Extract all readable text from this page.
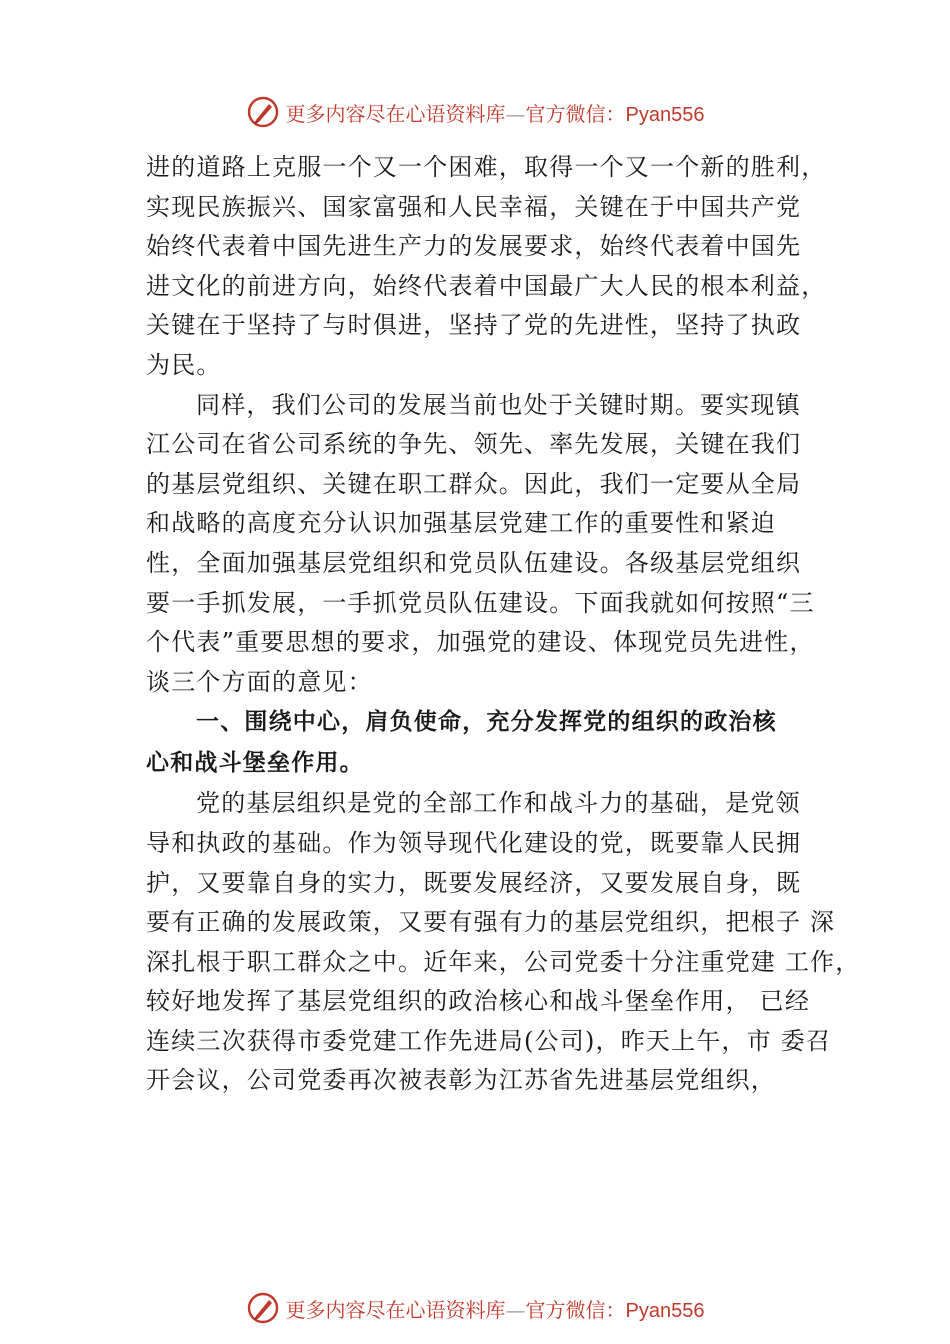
更多内容尽在心语资料库—官方微信：Pyan556
进的道路上克服一个又一个困难，取得一个又一个新的胜利，
实现民族振兴、国家富强和人民幸福，关键在于中国共产党
始终代表着中国先进生产力的发展要求，始终代表着中国先
进文化的前进方向，始终代表着中国最广大人民的根本利益，
关键在于坚持了与时俱进，坚持了党的先进性，坚持了执政
为民。
同样，我们公司的发展当前也处于关键时期。要实现镇
江公司在省公司系统的争先、领先、率先发展，关键在我们
的基层党组织、关键在职工群众。因此，我们一定要从全局
和战略的高度充分认识加强基层党建工作的重要性和紧迫
性，全面加强基层党组织和党员队伍建设。各级基层党组织
要一手抓发展，一手抓党员队伍建设。下面我就如何按照“三
个代表”重要思想的要求，加强党的建设、体现党员先进性，
谈三个方面的意见：
一、围绕中心，肩负使命，充分发挥党的组织的政治核
心和战斗堡垒作用。
党的基层组织是党的全部工作和战斗力的基础，是党领
导和执政的基础。作为领导现代化建设的党，既要靠人民拥
护，又要靠自身的实力，既要发展经济，又要发展自身，既
要有正确的发展政策，又要有强有力的基层党组织，把根子 深
深扎根于职工群众之中。近年来，公司党委十分注重党建 工作，
较好地发挥了基层党组织的政治核心和战斗堡垒作用， 已经
连续三次获得市委党建工作先进局(公司)，昨天上午，市 委召
开会议，公司党委再次被表彰为江苏省先进基层党组织，
更多内容尽在心语资料库—官方微信：Pyan556
